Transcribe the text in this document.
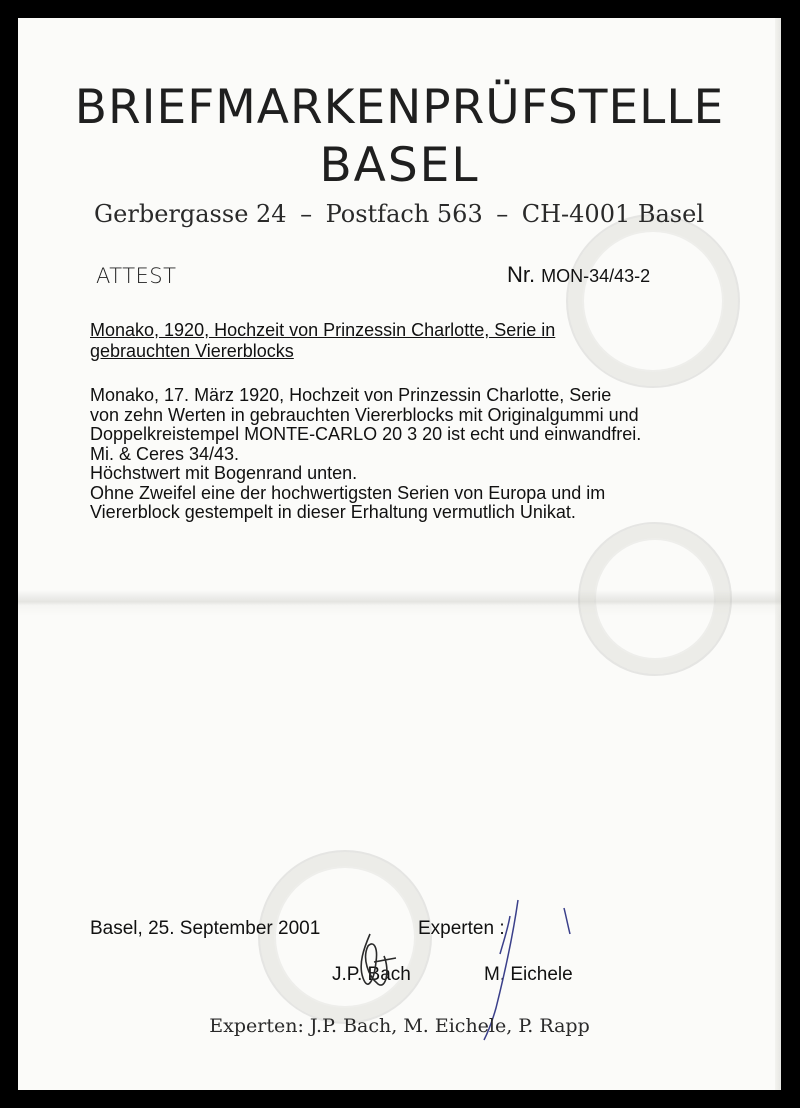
BRIEFMARKENPRÜFSTELLE
BASEL
Gerbergasse 24 – Postfach 563 – CH-4001 Basel
ATTEST	Nr. MON-34/43-2
Monako, 1920, Hochzeit von Prinzessin Charlotte, Serie in
gebrauchten Viererblocks
Monako, 17. März 1920, Hochzeit von Prinzessin Charlotte, Serie
von zehn Werten in gebrauchten Viererblocks mit Originalgummi und
Doppelkreistempel MONTE-CARLO 20 3 20 ist echt und einwandfrei.
Mi. & Ceres 34/43.
Höchstwert mit Bogenrand unten.
Ohne Zweifel eine der hochwertigsten Serien von Europa und im
Viererblock gestempelt in dieser Erhaltung vermutlich Unikat.
Basel, 25. September 2001	Experten :
J.P. Bach	M. Eichele
Experten: J.P. Bach, M. Eichele, P. Rapp
